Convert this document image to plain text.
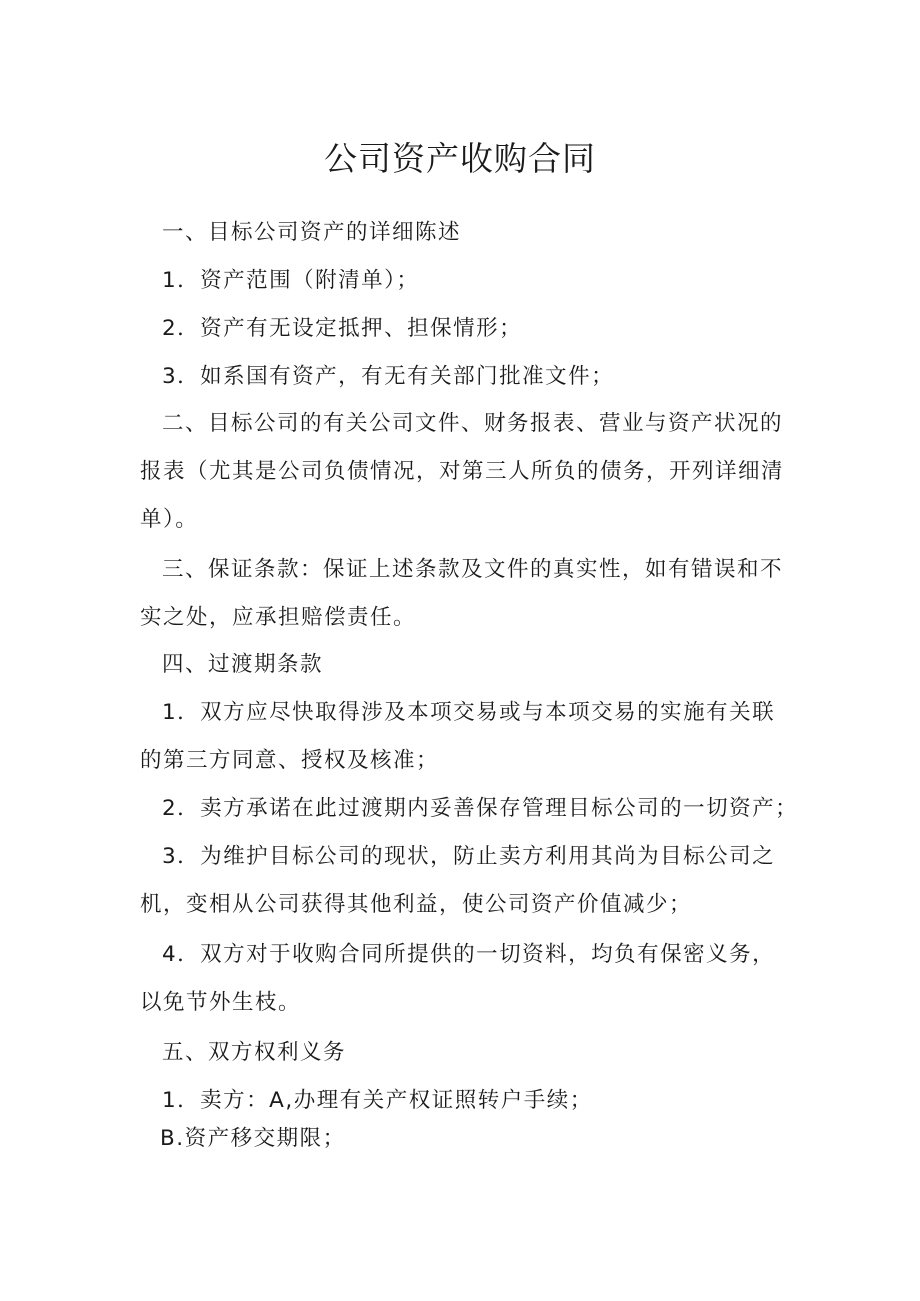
公司资产收购合同
一、目标公司资产的详细陈述
1．资产范围（附清单）；
2．资产有无设定抵押、担保情形；
3．如系国有资产，有无有关部门批准文件；
二、目标公司的有关公司文件、财务报表、营业与资产状况的
报表（尤其是公司负债情况，对第三人所负的债务，开列详细清
单）。
三、保证条款：保证上述条款及文件的真实性，如有错误和不
实之处，应承担赔偿责任。
四、过渡期条款
1．双方应尽快取得涉及本项交易或与本项交易的实施有关联
的第三方同意、授权及核准；
2．卖方承诺在此过渡期内妥善保存管理目标公司的一切资产；
3．为维护目标公司的现状，防止卖方利用其尚为目标公司之
机，变相从公司获得其他利益，使公司资产价值减少；
4．双方对于收购合同所提供的一切资料，均负有保密义务，
以免节外生枝。
五、双方权利义务
1．卖方：A,办理有关产权证照转户手续；
B.资产移交期限；
